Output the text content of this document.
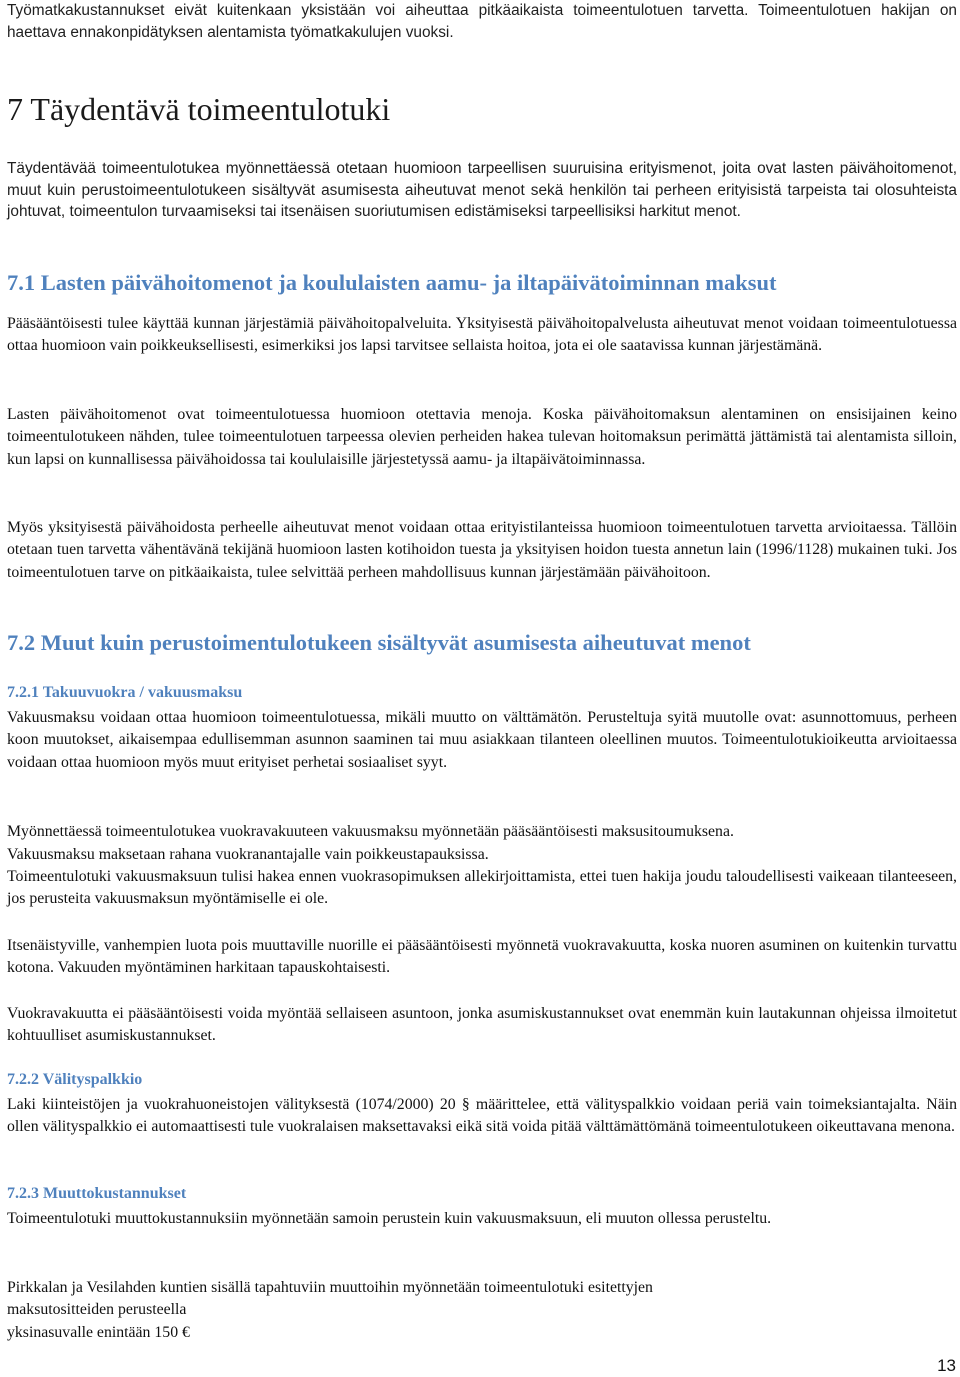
Työmatkakustannukset eivät kuitenkaan yksistään voi aiheuttaa pitkäaikaista toimeentulotuen tarvetta. Toimeentulotuen hakijan on haettava ennakonpidätyksen alentamista työmatkakulujen vuoksi.

7 Täydentävä toimeentulotuki

Täydentävää toimeentulotukea myönnettäessä otetaan huomioon tarpeellisen suuruisina erityismenot, joita ovat lasten päivähoitomenot, muut kuin perustoimeentulotukeen sisältyvät asumisesta aiheutuvat menot sekä henkilön tai perheen erityisistä tarpeista tai olosuhteista johtuvat, toimeentulon turvaamiseksi tai itsenäisen suoriutumisen edistämiseksi tarpeellisiksi harkitut menot.

7.1 Lasten päivähoitomenot ja koululaisten aamu- ja iltapäivätoiminnan maksut

Pääsääntöisesti tulee käyttää kunnan järjestämiä päivähoitopalveluita. Yksityisestä päivähoitopalvelusta aiheutuvat menot voidaan toimeentulotuessa ottaa huomioon vain poikkeuksellisesti, esimerkiksi jos lapsi tarvitsee sellaista hoitoa, jota ei ole saatavissa kunnan järjestämänä.

Lasten päivähoitomenot ovat toimeentulotuessa huomioon otettavia menoja. Koska päivähoitomaksun alentaminen on ensisijainen keino toimeentulotukeen nähden, tulee toimeentulotuen tarpeessa olevien perheiden hakea tulevan hoitomaksun perimättä jättämistä tai alentamista silloin, kun lapsi on kunnallisessa päivähoidossa tai koululaisille järjestetyssä aamu- ja iltapäivätoiminnassa.

Myös yksityisestä päivähoidosta perheelle aiheutuvat menot voidaan ottaa erityistilanteissa huomioon toimeentulotuen tarvetta arvioitaessa. Tällöin otetaan tuen tarvetta vähentävänä tekijänä huomioon lasten kotihoidon tuesta ja yksityisen hoidon tuesta annetun lain (1996/1128) mukainen tuki. Jos toimeentulotuen tarve on pitkäaikaista, tulee selvittää perheen mahdollisuus kunnan järjestämään päivähoitoon.

7.2 Muut kuin perustoimentulotukeen sisältyvät asumisesta aiheutuvat menot
7.2.1 Takuuvuokra / vakuusmaksu

Vakuusmaksu voidaan ottaa huomioon toimeentulotuessa, mikäli muutto on välttämätön. Perusteltuja syitä muutolle ovat: asunnottomuus, perheen koon muutokset, aikaisempaa edullisemman asunnon saaminen tai muu asiakkaan tilanteen oleellinen muutos. Toimeentulotukioikeutta arvioitaessa voidaan ottaa huomioon myös muut erityiset perhetai sosiaaliset syyt.

Myönnettäessä toimeentulotukea vuokravakuuteen vakuusmaksu myönnetään pääsääntöisesti maksusitoumuksena.

Vakuusmaksu maksetaan rahana vuokranantajalle vain poikkeustapauksissa.

Toimeentulotuki vakuusmaksuun tulisi hakea ennen vuokrasopimuksen allekirjoittamista, ettei tuen hakija joudu taloudellisesti vaikeaan tilanteeseen, jos perusteita vakuusmaksun myöntämiselle ei ole.

Itsenäistyville, vanhempien luota pois muuttaville nuorille ei pääsääntöisesti myönnetä vuokravakuutta, koska nuoren asuminen on kuitenkin turvattu kotona. Vakuuden myöntäminen harkitaan tapauskohtaisesti.

Vuokravakuutta ei pääsääntöisesti voida myöntää sellaiseen asuntoon, jonka asumiskustannukset ovat enemmän kuin lautakunnan ohjeissa ilmoitetut kohtuulliset asumiskustannukset.

7.2.2 Välityspalkkio

Laki kiinteistöjen ja vuokrahuoneistojen välityksestä (1074/2000) 20 § määrittelee, että välityspalkkio voidaan periä vain toimeksiantajalta. Näin ollen välityspalkkio ei automaattisesti tule vuokralaisen maksettavaksi eikä sitä voida pitää välttämättömänä toimeentulotukeen oikeuttavana menona.

7.2.3 Muuttokustannukset

Toimeentulotuki muuttokustannuksiin myönnetään samoin perustein kuin vakuusmaksuun, eli muuton ollessa perusteltu.

Pirkkalan ja Vesilahden kuntien sisällä tapahtuviin muuttoihin myönnetään toimeentulotuki esitettyjen

maksutositteiden perusteella

yksinasuvalle enintään 150 €

13
